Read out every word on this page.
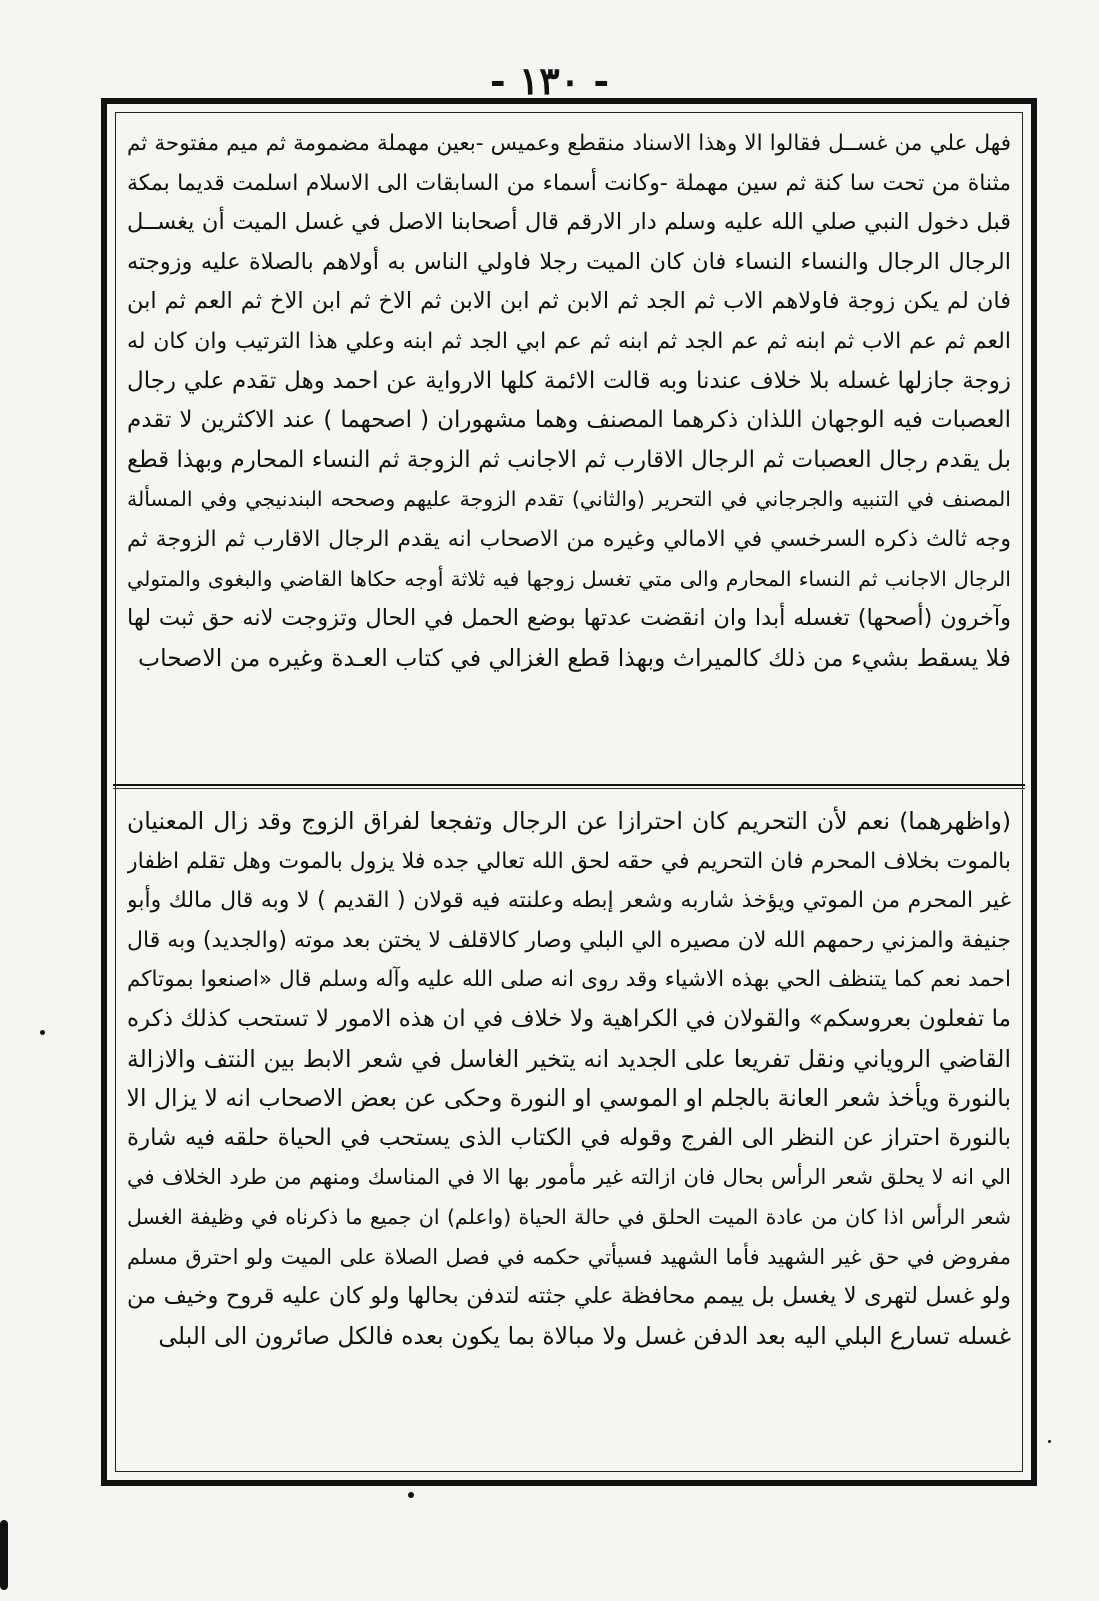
- ١٣٠ -
فهل علي من غســل فقالوا الا وهذا الاسناد منقطع وعميس -بعين مهملة مضمومة ثم ميم مفتوحة ثم
مثناة من تحت سا كنة ثم سين مهملة -وكانت أسماء من السابقات الى الاسلام اسلمت قديما بمكة
قبل دخول النبي صلي الله عليه وسلم دار الارقم قال أصحابنا الاصل في غسل الميت أن يغســل
الرجال الرجال والنساء النساء فان كان الميت رجلا فاولي الناس به أولاهم بالصلاة عليه وزوجته
فان لم يكن زوجة فاولاهم الاب ثم الجد ثم الابن ثم ابن الابن ثم الاخ ثم ابن الاخ ثم العم ثم ابن
العم ثم عم الاب ثم ابنه ثم عم الجد ثم ابنه ثم عم ابي الجد ثم ابنه وعلي هذا الترتيب وان كان له
زوجة جازلها غسله بلا خلاف عندنا وبه قالت الائمة كلها الارواية عن احمد وهل تقدم علي رجال
العصبات فيه الوجهان اللذان ذكرهما المصنف وهما مشهوران ( اصحهما ) عند الاكثرين لا تقدم
بل يقدم رجال العصبات ثم الرجال الاقارب ثم الاجانب ثم الزوجة ثم النساء المحارم وبهذا قطع
المصنف في التنبيه والجرجاني في التحرير (والثاني) تقدم الزوجة عليهم وصححه البندنيجي وفي المسألة
وجه ثالث ذكره السرخسي في الامالي وغيره من الاصحاب انه يقدم الرجال الاقارب ثم الزوجة ثم
الرجال الاجانب ثم النساء المحارم والى متي تغسل زوجها فيه ثلاثة أوجه حكاها القاضي والبغوى والمتولي
وآخرون (أصحها) تغسله أبدا وان انقضت عدتها بوضع الحمل في الحال وتزوجت لانه حق ثبت لها
فلا يسقط بشيء من ذلك كالميراث وبهذا قطع الغزالي في كتاب العـدة وغيره من الاصحاب
(واظهرهما) نعم لأن التحريم كان احترازا عن الرجال وتفجعا لفراق الزوج وقد زال المعنيان
بالموت بخلاف المحرم فان التحريم في حقه لحق الله تعالي جده فلا يزول بالموت وهل تقلم اظفار
غير المحرم من الموتي ويؤخذ شاربه وشعر إبطه وعلنته فيه قولان ( القديم ) لا وبه قال مالك وأبو
جنيفة والمزني رحمهم الله لان مصيره الي البلي وصار كالاقلف لا يختن بعد موته (والجديد) وبه قال
احمد نعم كما يتنظف الحي بهذه الاشياء وقد روى انه صلى الله عليه وآله وسلم قال «اصنعوا بموتاكم
ما تفعلون بعروسكم» والقولان في الكراهية ولا خلاف في ان هذه الامور لا تستحب كذلك ذكره
القاضي الروياني ونقل تفريعا على الجديد انه يتخير الغاسل في شعر الابط بين النتف والازالة
بالنورة ويأخذ شعر العانة بالجلم او الموسي او النورة وحكى عن بعض الاصحاب انه لا يزال الا
بالنورة احتراز عن النظر الى الفرج وقوله في الكتاب الذى يستحب في الحياة حلقه فيه شارة
الي انه لا يحلق شعر الرأس بحال فان ازالته غير مأمور بها الا في المناسك ومنهم من طرد الخلاف في
شعر الرأس اذا كان من عادة الميت الحلق في حالة الحياة (واعلم) ان جميع ما ذكرناه في وظيفة الغسل
مفروض في حق غير الشهيد فأما الشهيد فسيأتي حكمه في فصل الصلاة على الميت ولو احترق مسلم
ولو غسل لتهرى لا يغسل بل ييمم محافظة علي جثته لتدفن بحالها ولو كان عليه قروح وخيف من
غسله تسارع البلي اليه بعد الدفن غسل ولا مبالاة بما يكون بعده فالكل صائرون الى البلى
